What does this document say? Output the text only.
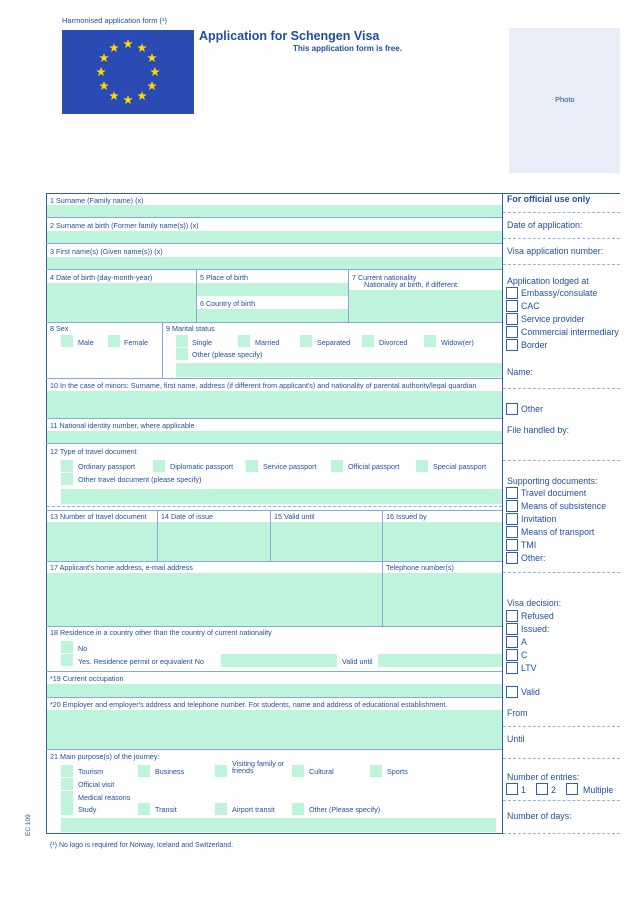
Harmonised application form (¹)
Application for Schengen Visa
This application form is free.
Photo
1 Surname (Family name) (x)
2 Surname at birth (Former family name(s)) (x)
3 First name(s) (Given name(s)) (x)
4 Date of birth (day-month-year)	5 Place of birth
6 Country of birth
7 Current nationality
Nationality at birth, if different:
8 Sex
Male	Female
9 Marital status
Single	Married	Separated	Divorced	Widow(er)
Other (please specify)
10 In the case of minors: Surname, first name, address (if different from applicant's) and nationality of parental authority/legal guardian
11 National identity number, where applicable
12 Type of travel document
Ordinary passport	Diplomatic passport	Service passport	Official passport	Special passport
Other travel document (please specify)
13 Number of travel document 14 Date of issue	15 Valid until	16 Issued by
17 Applicant's home address, e-mail address	Telephone number(s)
18 Residence in a country other than the country of current nationality
No
Yes. Residence permit or equivalent No	Valid until
*19 Current occupation
*20 Employer and employer's address and telephone number. For students, name and address of educational establishment.
21 Main purpose(s) of the journey:
Tourism	Business
Visiting family or
friends	Cultural	Sports
Official visit
Medical reasons
Study	Transit	Airport transit	Other (Please specify)
For official use only
Date of application:
Visa application number:
Application lodged at
Embassy/consulate
CAC
Service provider
Commercial intermediary
Border
Name:
Other
File handled by:
Supporting documents:
Travel document
Means of subsistence
Invitation
Means of transport
TMI
Other:
Visa decision:
Refused
Issued:
A
C
LTV
Valid
From
Until
Number of entries:
1	2	Multiple
Number of days:
EC 109
(¹) No logo is required for Norway, Iceland and Switzerland.
